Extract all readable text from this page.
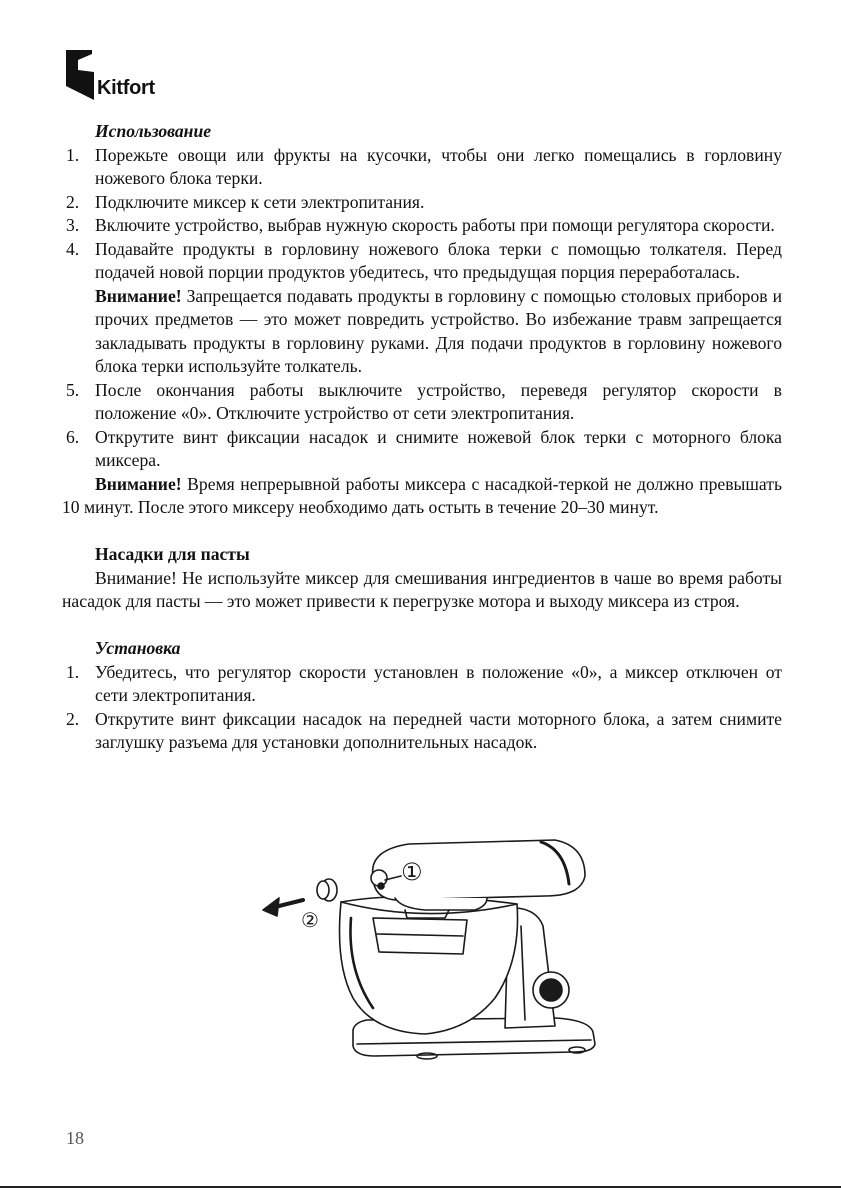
Kitfort
Использование
1. Порежьте овощи или фрукты на кусочки, чтобы они легко помещались в горловину ножевого блока терки.
2. Подключите миксер к сети электропитания.
3. Включите устройство, выбрав нужную скорость работы при помощи регулятора скорости.
4. Подавайте продукты в горловину ножевого блока терки с помощью толкателя. Перед подачей новой порции продуктов убедитесь, что предыдущая порция переработалась.
Внимание! Запрещается подавать продукты в горловину с помощью столовых приборов и прочих предметов — это может повредить устройство. Во избежание травм запрещается закладывать продукты в горловину руками. Для подачи продуктов в горловину ножевого блока терки используйте толкатель.
5. После окончания работы выключите устройство, переведя регулятор скорости в положение «0». Отключите устройство от сети электропитания.
6. Открутите винт фиксации насадок и снимите ножевой блок терки с моторного блока миксера.
Внимание! Время непрерывной работы миксера с насадкой-теркой не должно превышать 10 минут. После этого миксеру необходимо дать остыть в течение 20–30 минут.
Насадки для пасты
Внимание! Не используйте миксер для смешивания ингредиентов в чаше во время работы насадок для пасты — это может привести к перегрузке мотора и выходу миксера из строя.
Установка
1. Убедитесь, что регулятор скорости установлен в положение «0», а миксер отключен от сети электропитания.
2. Открутите винт фиксации насадок на передней части моторного блока, а затем снимите заглушку разъема для установки дополнительных насадок.
①
②
18
